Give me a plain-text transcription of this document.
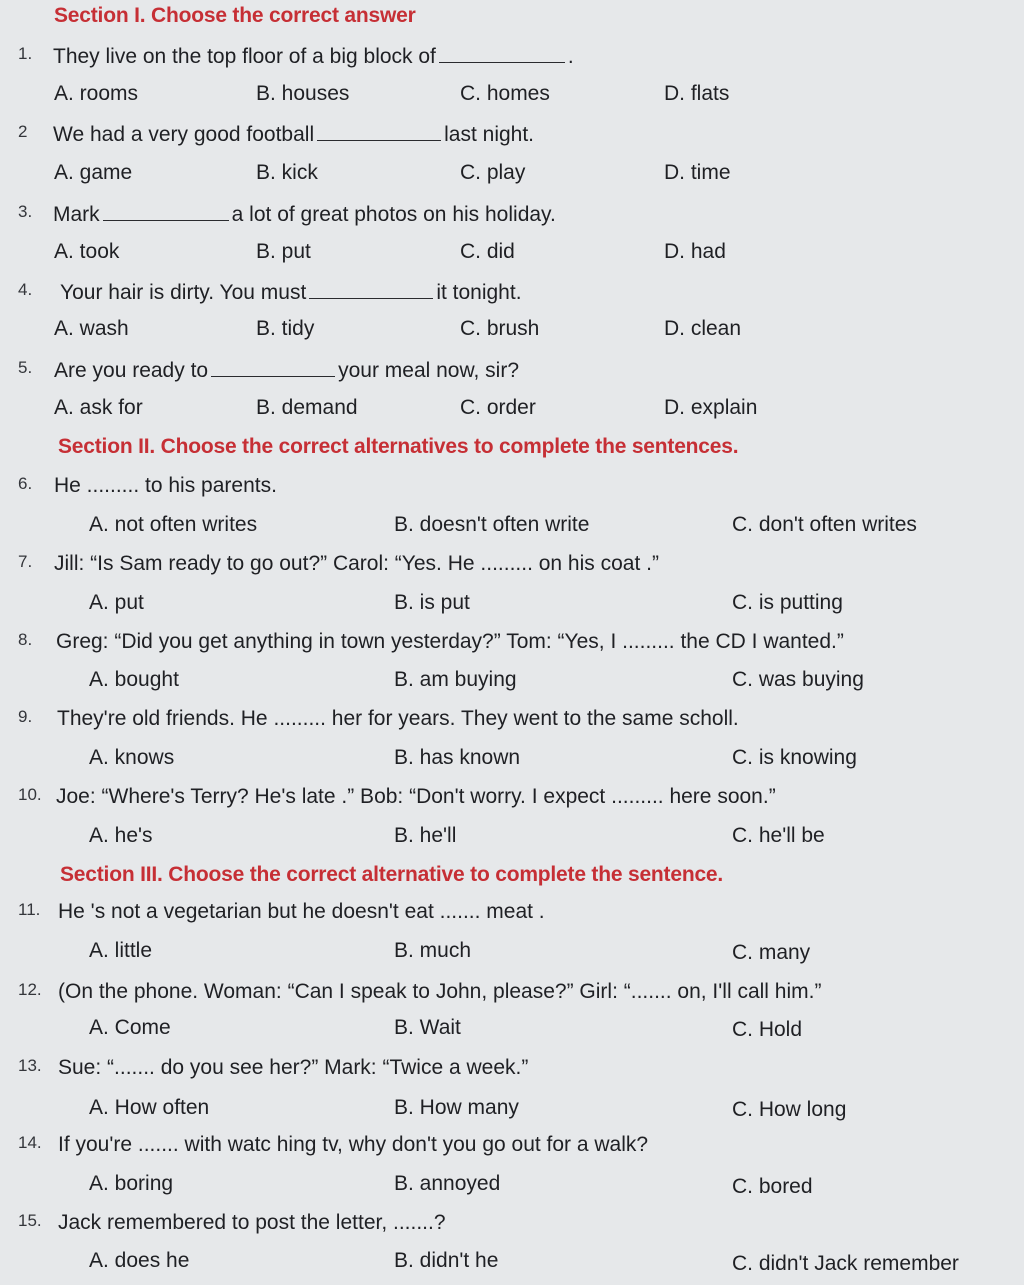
Section I. Choose the correct answer
1. They live on the top floor of a big block of	.
A. rooms	B. houses	C. homes	D. flats
2 We had a very good football	last night.
A. game	B. kick	C. play	D. time
3. Mark	a lot of great photos on his holiday.
A. took	B. put	C. did	D. had
4. Your hair is dirty. You must	it tonight.
A. wash	B. tidy	C. brush	D. clean
5. Are you ready to	your meal now, sir?
A. ask for	B. demand	C. order	D. explain
Section II. Choose the correct alternatives to complete the sentences.
6. He ......... to his parents.
A. not often writes	B. doesn't often write	C. don't often writes
7. Jill: “Is Sam ready to go out?” Carol: “Yes. He ......... on his coat .”
A. put	B. is put	C. is putting
8. Greg: “Did you get anything in town yesterday?” Tom: “Yes, I ......... the CD I wanted.”
A. bought	B. am buying	C. was buying
9. They're old friends. He ......... her for years. They went to the same scholl.
A. knows	B. has known	C. is knowing
10. Joe: “Where's Terry? He's late .” Bob: “Don't worry. I expect ......... here soon.”
A. he's	B. he'll	C. he'll be
Section III. Choose the correct alternative to complete the sentence.
11. He 's not a vegetarian but he doesn't eat ....... meat .
A. little	B. much	C. many
12. (On the phone. Woman: “Can I speak to John, please?” Girl: “....... on, I'll call him.”
A. Come	B. Wait	C. Hold
13. Sue: “....... do you see her?” Mark: “Twice a week.”
A. How often	B. How many	C. How long
14. If you're ....... with watc hing tv, why don't you go out for a walk?
A. boring	B. annoyed	C. bored
15. Jack remembered to post the letter, .......?
A. does he	B. didn't he	C. didn't Jack remember
